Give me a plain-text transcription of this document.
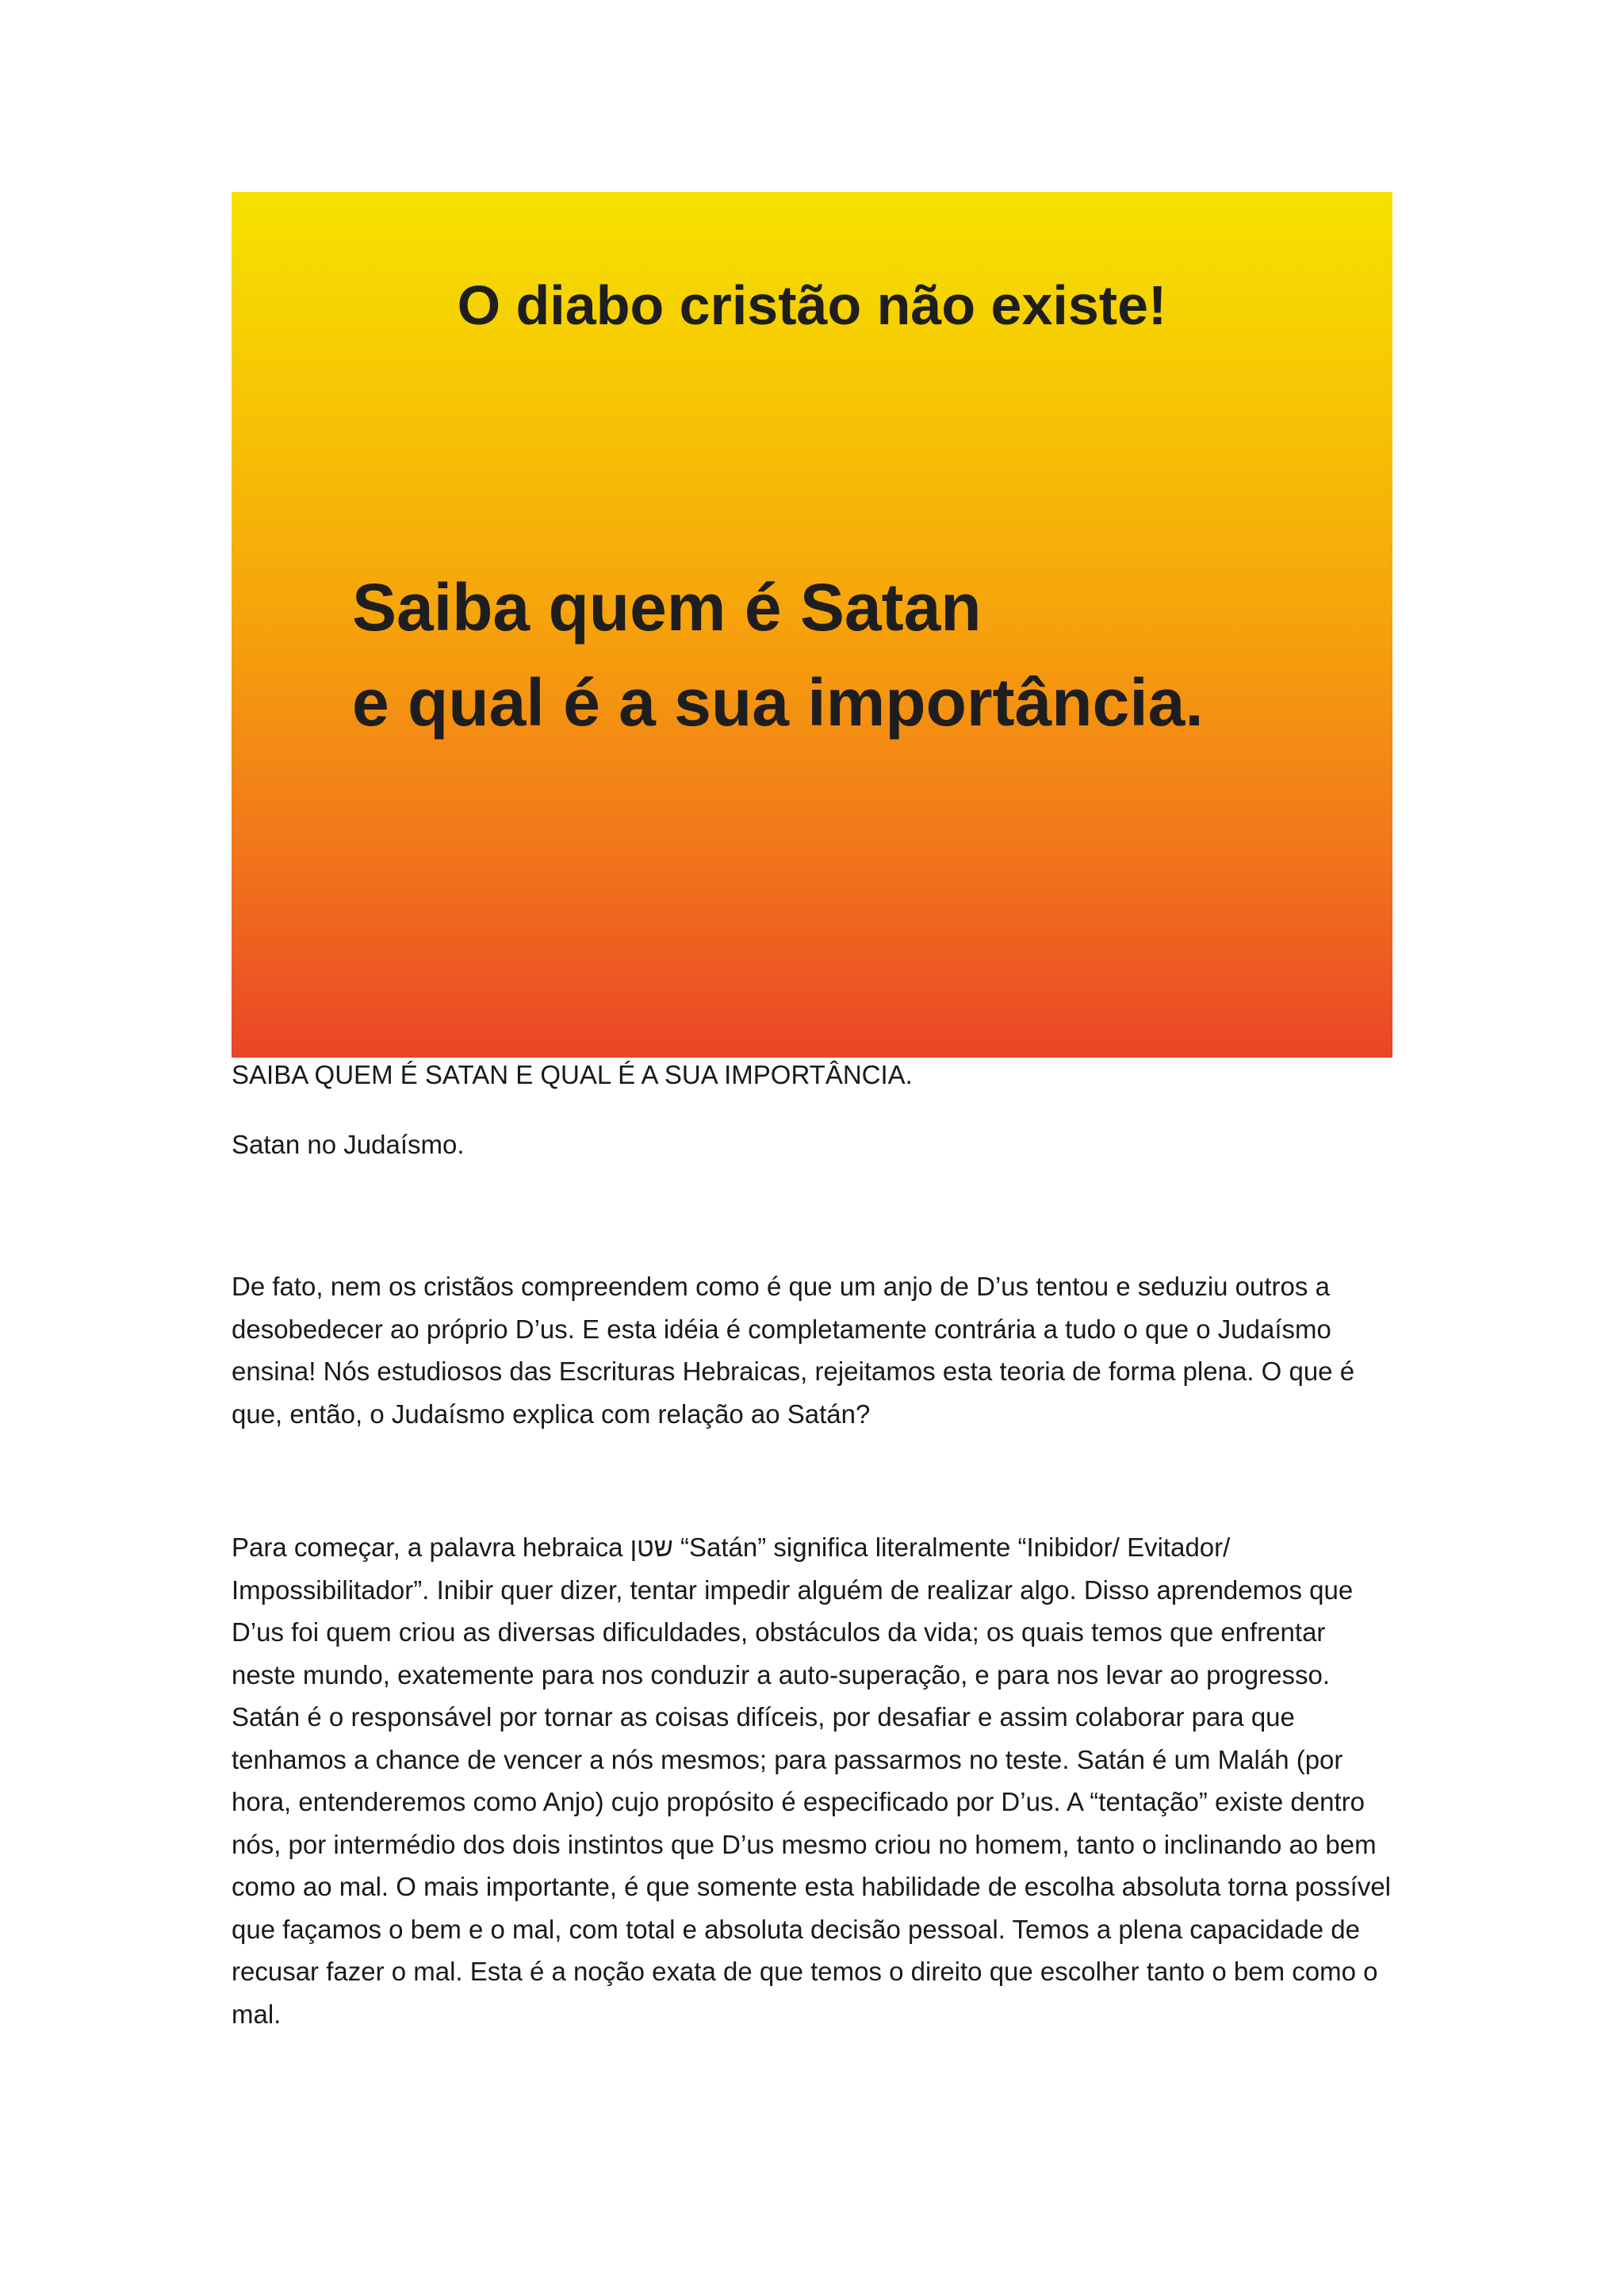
O diabo cristão não existe!

Saiba quem é Satan

e qual é a sua importância.

SAIBA QUEM É SATAN E QUAL É A SUA IMPORTÂNCIA.

Satan no Judaísmo.

De fato, nem os cristãos compreendem como é que um anjo de D’us tentou e seduziu outros a desobedecer ao próprio D’us. E esta idéia é completamente contrária a tudo o que o Judaísmo ensina! Nós estudiosos das Escrituras Hebraicas, rejeitamos esta teoria de forma plena. O que é que, então, o Judaísmo explica com relação ao Satán?

Para começar, a palavra hebraica שטן “Satán” significa literalmente “Inibidor/ Evitador/ Impossibilitador”. Inibir quer dizer, tentar impedir alguém de realizar algo. Disso aprendemos que D’us foi quem criou as diversas dificuldades, obstáculos da vida; os quais temos que enfrentar neste mundo, exatemente para nos conduzir a auto-superação, e para nos levar ao progresso. Satán é o responsável por tornar as coisas difíceis, por desafiar e assim colaborar para que tenhamos a chance de vencer a nós mesmos; para passarmos no teste. Satán é um Maláh (por hora, entenderemos como Anjo) cujo propósito é especificado por D’us. A “tentação” existe dentro nós, por intermédio dos dois instintos que D’us mesmo criou no homem, tanto o inclinando ao bem como ao mal. O mais importante, é que somente esta habilidade de escolha absoluta torna possível que façamos o bem e o mal, com total e absoluta decisão pessoal. Temos a plena capacidade de recusar fazer o mal. Esta é a noção exata de que temos o direito que escolher tanto o bem como o mal.
